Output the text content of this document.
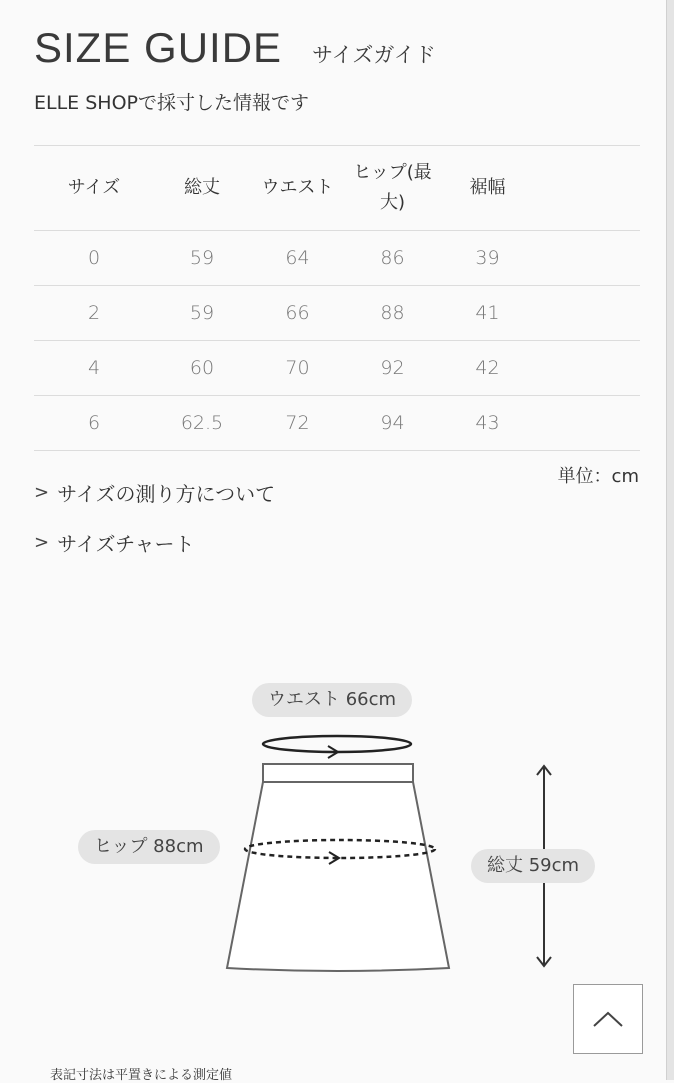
SIZE GUIDE サイズガイド
ELLE SHOPで採寸した情報です
サイズ	総丈	ウエスト	ヒップ(最大)	裾幅	
0	59	64	86	39	
2	59	66	88	41	
4	60	70	92	42	
6	62.5	72	94	43	
単位：cm
> サイズの測り方について
> サイズチャート
ウエスト 66cm
ヒップ 88cm
総丈 59cm
表記寸法は平置きによる測定値
